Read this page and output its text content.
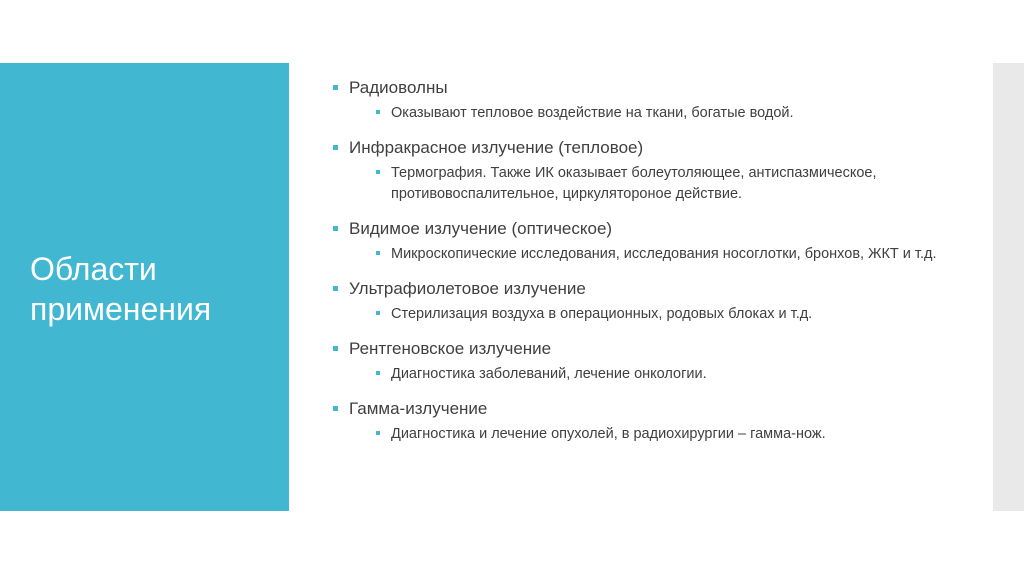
Области применения
Радиоволны
Оказывают тепловое воздействие на ткани, богатые водой.
Инфракрасное излучение (тепловое)
Термография. Также ИК оказывает болеутоляющее, антиспазмическое, противовоспалительное, циркулятороное действие.
Видимое излучение (оптическое)
Микроскопические исследования, исследования носоглотки, бронхов, ЖКТ и т.д.
Ультрафиолетовое излучение
Стерилизация воздуха в операционных, родовых блоках и т.д.
Рентгеновское излучение
Диагностика заболеваний, лечение онкологии.
Гамма-излучение
Диагностика и лечение опухолей, в радиохирургии – гамма-нож.
